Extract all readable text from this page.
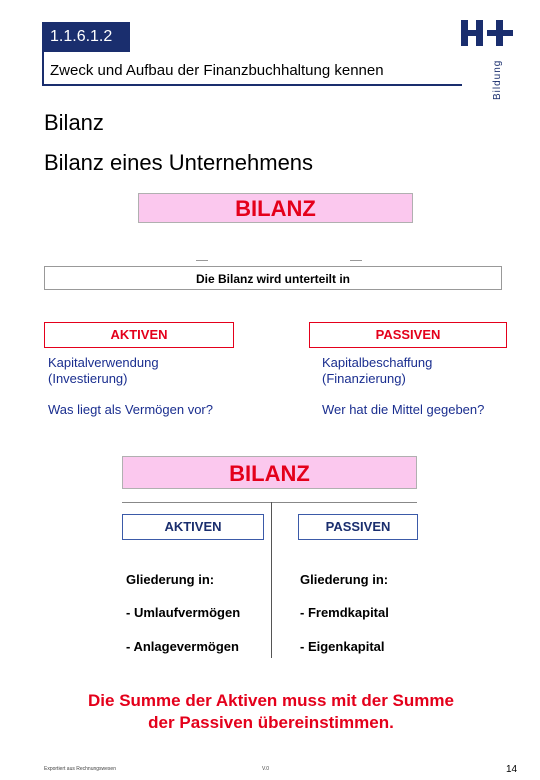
1.1.6.1.2
Zweck und Aufbau der Finanzbuchhaltung kennen	Bildung
Bilanz
Bilanz eines Unternehmens
BILANZ
Die Bilanz wird unterteilt in
AKTIVEN	PASSIVEN
Kapitalverwendung
(Investierung)
Kapitalbeschaffung
(Finanzierung)
Was liegt als Vermögen vor?	Wer hat die Mittel gegeben?
BILANZ
AKTIVEN	PASSIVEN
Gliederung in:
- Umlaufvermögen
- Anlagevermögen
Gliederung in:
- Fremdkapital
- Eigenkapital
Die Summe der Aktiven muss mit der Summe
der Passiven übereinstimmen.
Exportiert aus Rechnungswesen	V.0	14
